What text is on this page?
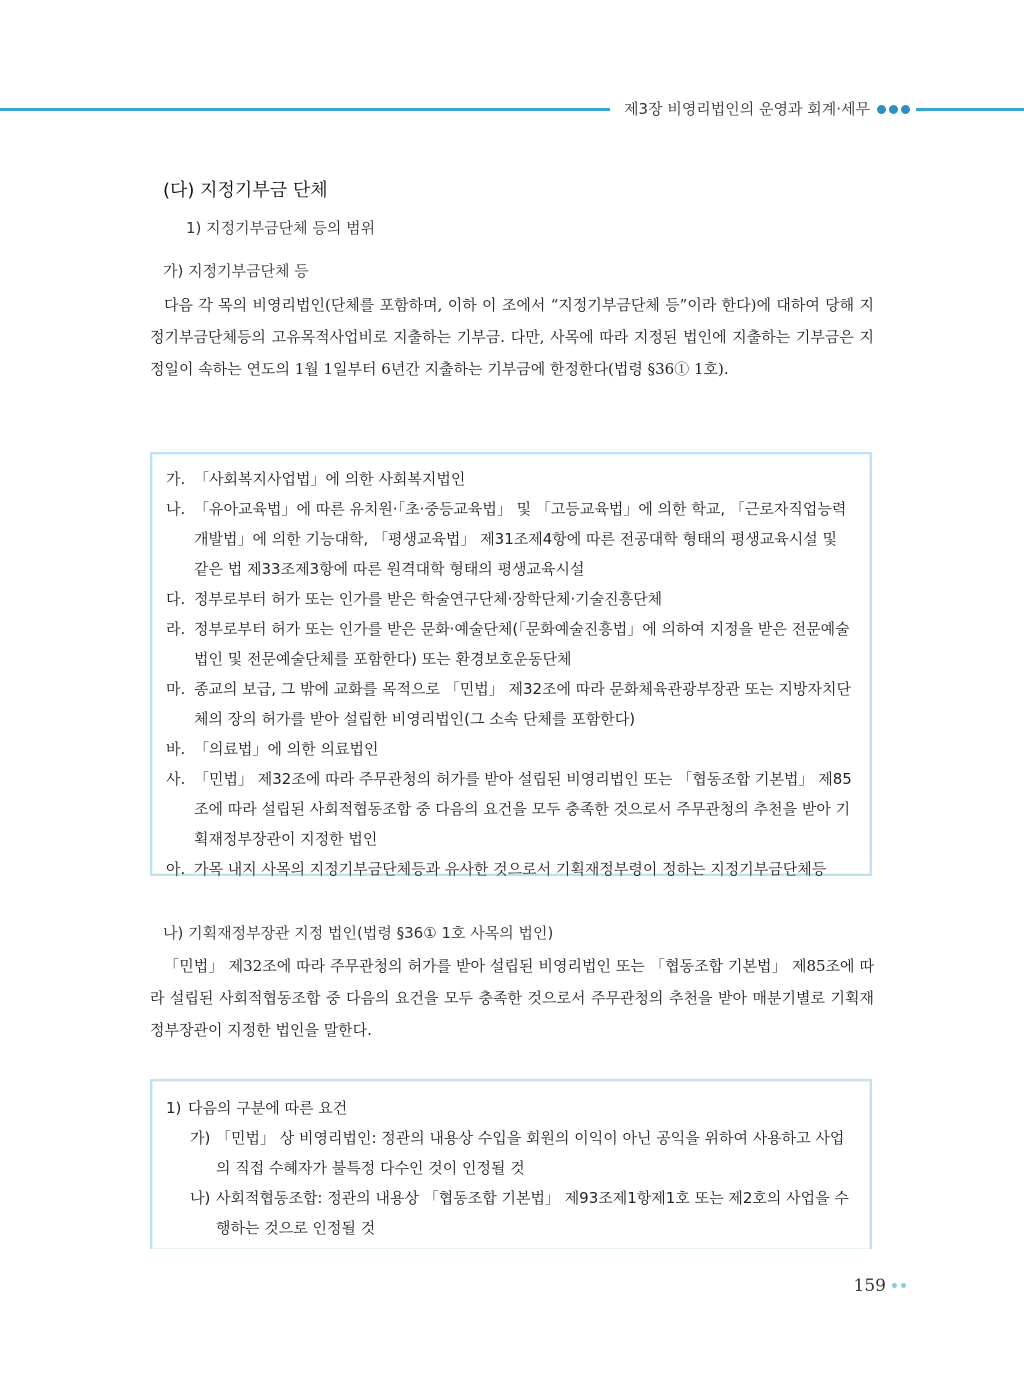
제3장 비영리법인의 운영과 회계·세무
(다) 지정기부금 단체
1) 지정기부금단체 등의 범위
가) 지정기부금단체 등
다음 각 목의 비영리법인(단체를 포함하며, 이하 이 조에서 “지정기부금단체 등”이라 한다)에 대하여 당해 지정기부금단체등의 고유목적사업비로 지출하는 기부금. 다만, 사목에 따라 지정된 법인에 지출하는 기부금은 지정일이 속하는 연도의 1월 1일부터 6년간 지출하는 기부금에 한정한다(법령 §36① 1호).
가. 「사회복지사업법」에 의한 사회복지법인
나. 「유아교육법」에 따른 유치원·「초·중등교육법」 및 「고등교육법」에 의한 학교, 「근로자직업능력 개발법」에 의한 기능대학, 「평생교육법」 제31조제4항에 따른 전공대학 형태의 평생교육시설 및 같은 법 제33조제3항에 따른 원격대학 형태의 평생교육시설
다. 정부로부터 허가 또는 인가를 받은 학술연구단체·장학단체·기술진흥단체
라. 정부로부터 허가 또는 인가를 받은 문화·예술단체(「문화예술진흥법」에 의하여 지정을 받은 전문예술법인 및 전문예술단체를 포함한다) 또는 환경보호운동단체
마. 종교의 보급, 그 밖에 교화를 목적으로 「민법」 제32조에 따라 문화체육관광부장관 또는 지방자치단체의 장의 허가를 받아 설립한 비영리법인(그 소속 단체를 포함한다)
바. 「의료법」에 의한 의료법인
사. 「민법」 제32조에 따라 주무관청의 허가를 받아 설립된 비영리법인 또는 「협동조합 기본법」 제85조에 따라 설립된 사회적협동조합 중 다음의 요건을 모두 충족한 것으로서 주무관청의 추천을 받아 기획재정부장관이 지정한 법인
아. 가목 내지 사목의 지정기부금단체등과 유사한 것으로서 기획재정부령이 정하는 지정기부금단체등
나) 기획재정부장관 지정 법인(법령 §36① 1호 사목의 법인)
「민법」 제32조에 따라 주무관청의 허가를 받아 설립된 비영리법인 또는 「협동조합 기본법」 제85조에 따라 설립된 사회적협동조합 중 다음의 요건을 모두 충족한 것으로서 주무관청의 추천을 받아 매분기별로 기획재정부장관이 지정한 법인을 말한다.
1) 다음의 구분에 따른 요건
가) 「민법」 상 비영리법인: 정관의 내용상 수입을 회원의 이익이 아닌 공익을 위하여 사용하고 사업의 직접 수혜자가 불특정 다수인 것이 인정될 것
나) 사회적협동조합: 정관의 내용상 「협동조합 기본법」 제93조제1항제1호 또는 제2호의 사업을 수행하는 것으로 인정될 것
159
